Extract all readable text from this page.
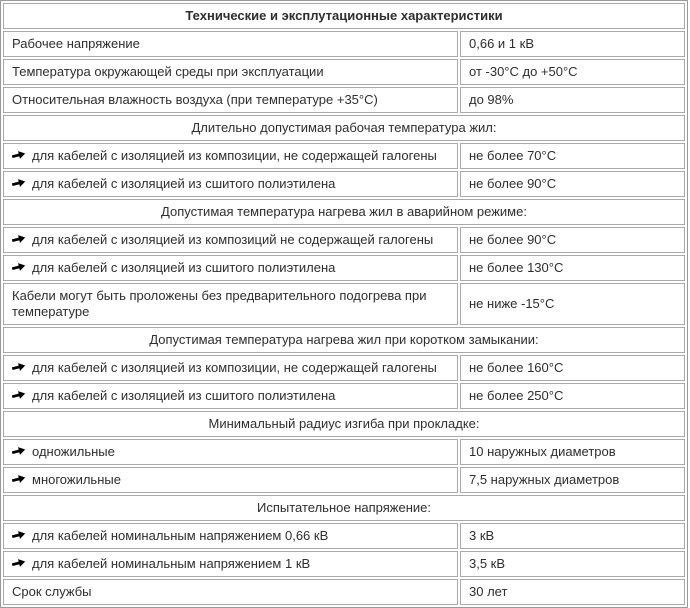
Технические и эксплутационные характеристики	
Рабочее напряжение	0,66 и 1 кВ
Температура окружающей среды при эксплуатации	от -30°C до +50°C
Относительная влажность воздуха (при температуре +35°C)	до 98%
Длительно допустимая рабочая температура жил:	
для кабелей с изоляцией из композиции, не содержащей галогены	не более 70°C
для кабелей с изоляцией из сшитого полиэтилена	не более 90°C
Допустимая температура нагрева жил в аварийном режиме:	
для кабелей с изоляцией из композиций не содержащей галогены	не более 90°C
для кабелей с изоляцией из сшитого полиэтилена	не более 130°C
Кабели могут быть проложены без предварительного подогрева при температуре	не ниже -15°C
Допустимая температура нагрева жил при коротком замыкании:	
для кабелей с изоляцией из композиции, не содержащей галогены	не более 160°C
для кабелей с изоляцией из сшитого полиэтилена	не более 250°C
Минимальный радиус изгиба при прокладке:	
одножильные	10 наружных диаметров
многожильные	7,5 наружных диаметров
Испытательное напряжение:	
для кабелей номинальным напряжением 0,66 кВ	3 кВ
для кабелей номинальным напряжением 1 кВ	3,5 кВ
Срок службы	30 лет
